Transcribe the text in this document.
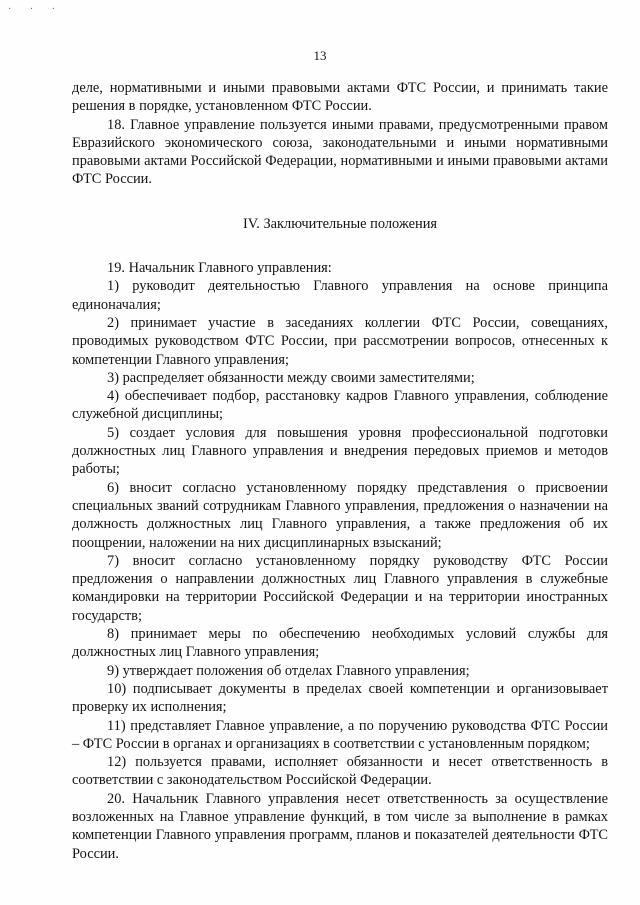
· · ·
13

деле, нормативными и иными правовыми актами ФТС России, и принимать такие решения в порядке, установленном ФТС России.

18. Главное управление пользуется иными правами, предусмотренными правом Евразийского экономического союза, законодательными и иными нормативными правовыми актами Российской Федерации, нормативными и иными правовыми актами ФТС России.

IV. Заключительные положения

19. Начальник Главного управления:

1) руководит деятельностью Главного управления на основе принципа единоначалия;

2) принимает участие в заседаниях коллегии ФТС России, совещаниях, проводимых руководством ФТС России, при рассмотрении вопросов, отнесенных к компетенции Главного управления;

3) распределяет обязанности между своими заместителями;

4) обеспечивает подбор, расстановку кадров Главного управления, соблюдение служебной дисциплины;

5) создает условия для повышения уровня профессиональной подготовки должностных лиц Главного управления и внедрения передовых приемов и методов работы;

6) вносит согласно установленному порядку представления о присвоении специальных званий сотрудникам Главного управления, предложения о назначении на должность должностных лиц Главного управления, а также предложения об их поощрении, наложении на них дисциплинарных взысканий;

7) вносит согласно установленному порядку руководству ФТС России предложения о направлении должностных лиц Главного управления в служебные командировки на территории Российской Федерации и на территории иностранных государств;

8) принимает меры по обеспечению необходимых условий службы для должностных лиц Главного управления;

9) утверждает положения об отделах Главного управления;

10) подписывает документы в пределах своей компетенции и организовывает проверку их исполнения;

11) представляет Главное управление, а по поручению руководства ФТС России – ФТС России в органах и организациях в соответствии с установленным порядком;

12) пользуется правами, исполняет обязанности и несет ответственность в соответствии с законодательством Российской Федерации.

20. Начальник Главного управления несет ответственность за осуществление возложенных на Главное управление функций, в том числе за выполнение в рамках компетенции Главного управления программ, планов и показателей деятельности ФТС России.
